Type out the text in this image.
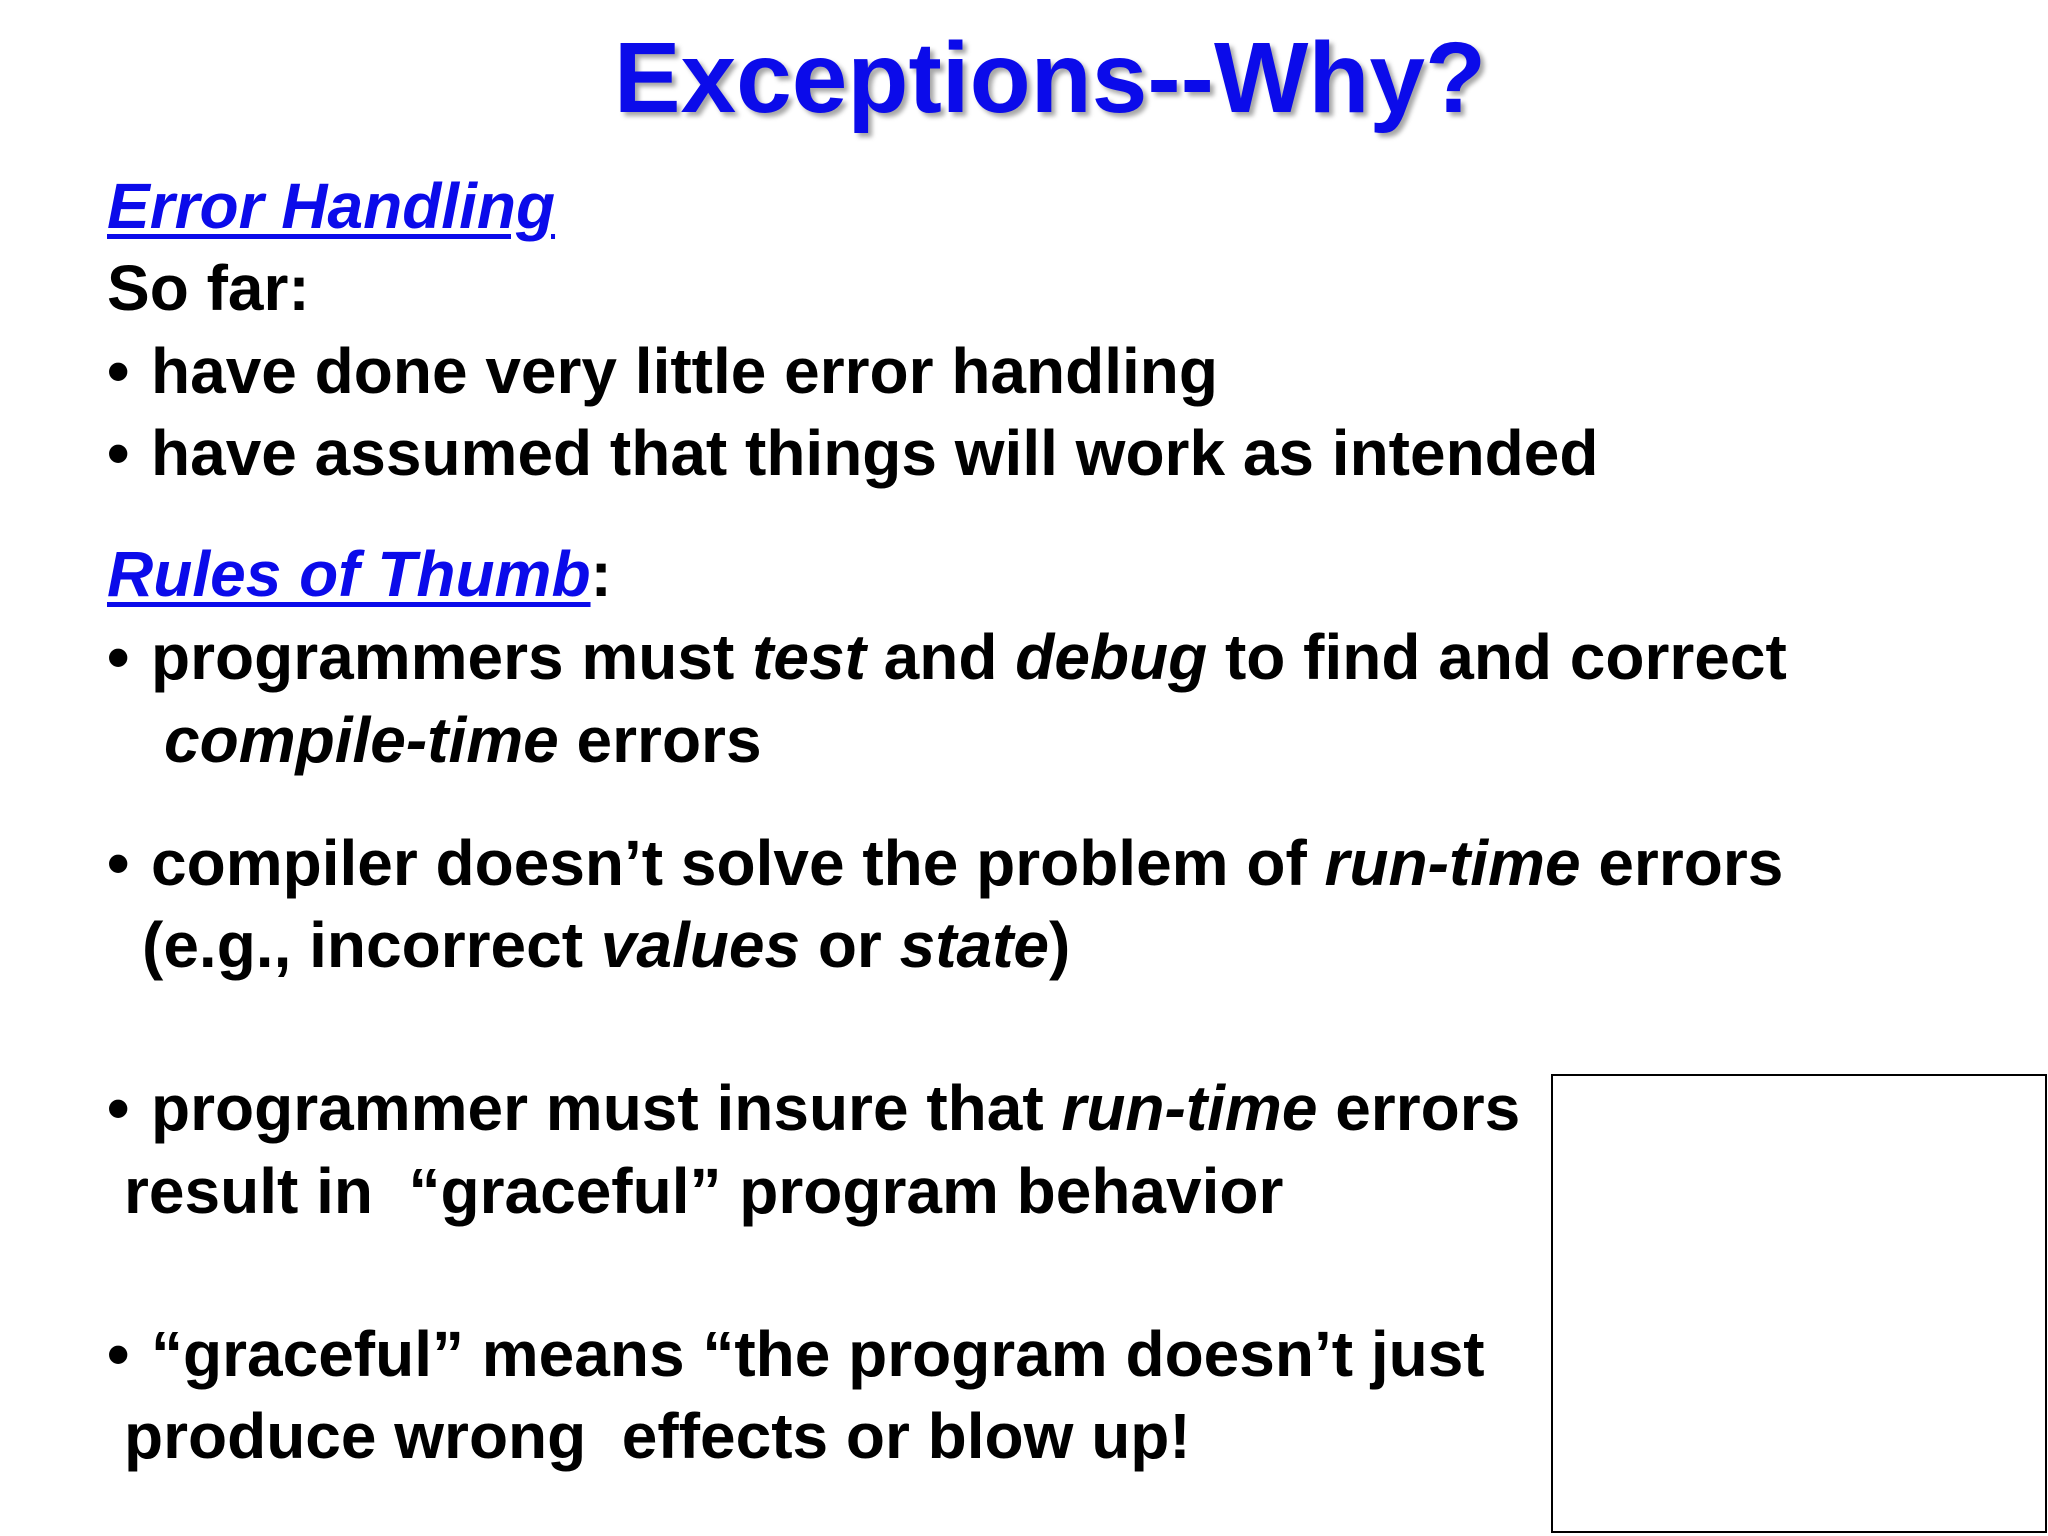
Exceptions--Why?
Error Handling
So far:
• have done very little error handling
• have assumed that things will work as intended
Rules of Thumb:
• programmers must test and debug to find and correct
compile-time errors
• compiler doesn’t solve the problem of run-time errors
(e.g., incorrect values or state)
• programmer must insure that run-time errors
result in  “graceful” program behavior
• “graceful” means “the program doesn’t just
produce wrong  effects or blow up!
